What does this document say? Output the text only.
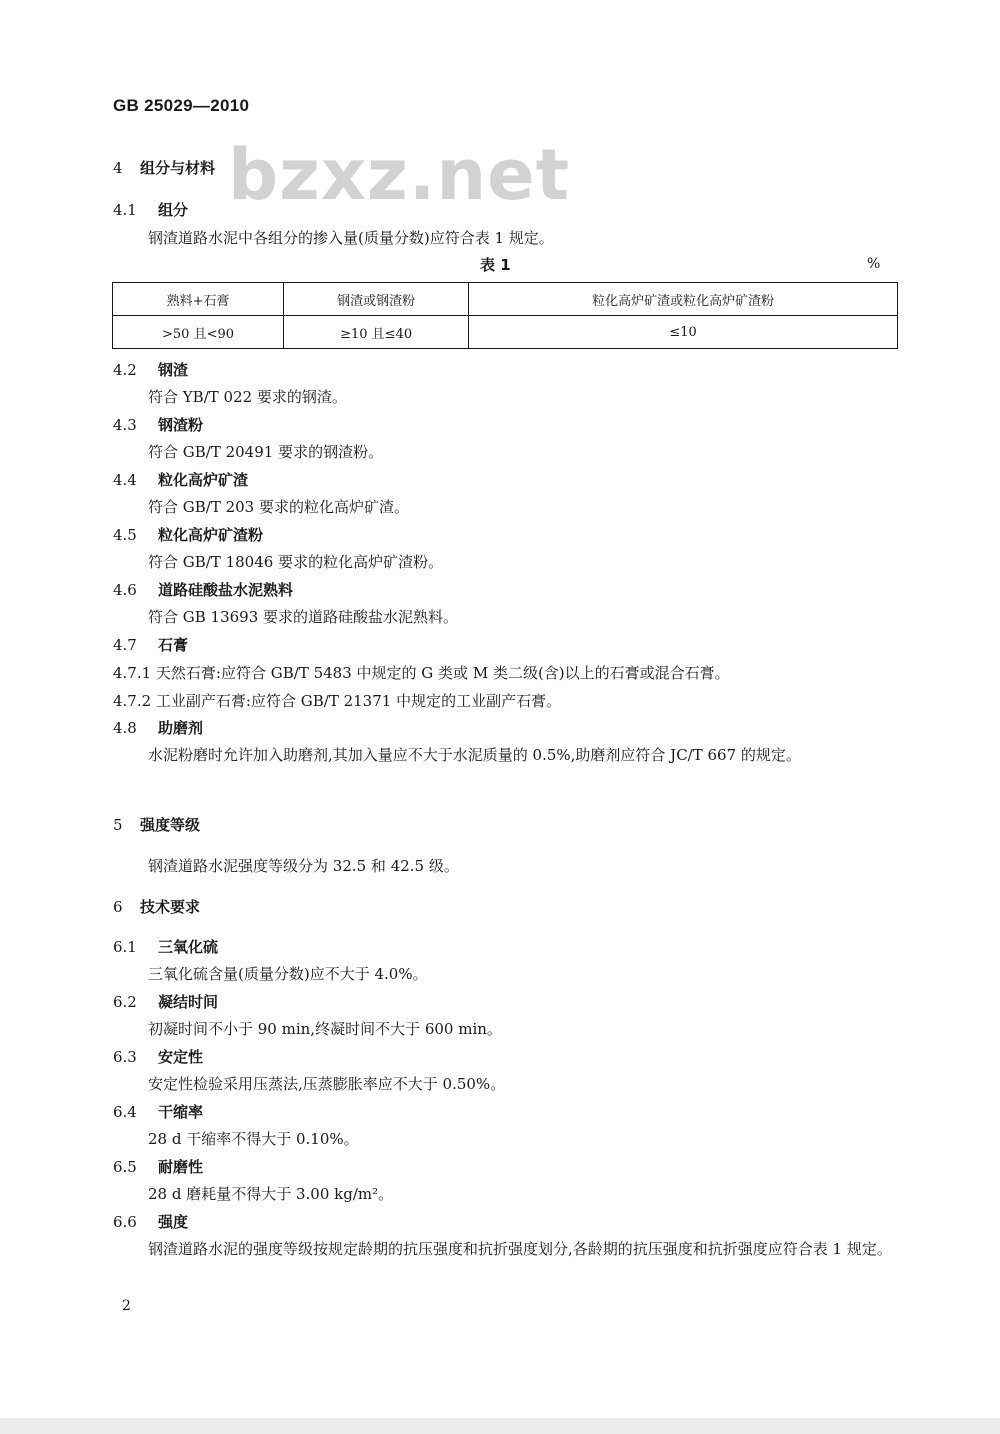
GB 25029—2010
bzxz.net
4 组分与材料
4.1 组分
钢渣道路水泥中各组分的掺入量(质量分数)应符合表 1 规定。
表 1	%
熟料+石膏	钢渣或钢渣粉	粒化高炉矿渣或粒化高炉矿渣粉
>50 且<90	≥10 且≤40	≤10
4.2 钢渣
符合 YB/T 022 要求的钢渣。
4.3 钢渣粉
符合 GB/T 20491 要求的钢渣粉。
4.4 粒化高炉矿渣
符合 GB/T 203 要求的粒化高炉矿渣。
4.5 粒化高炉矿渣粉
符合 GB/T 18046 要求的粒化高炉矿渣粉。
4.6 道路硅酸盐水泥熟料
符合 GB 13693 要求的道路硅酸盐水泥熟料。
4.7 石膏
4.7.1 天然石膏:应符合 GB/T 5483 中规定的 G 类或 M 类二级(含)以上的石膏或混合石膏。
4.7.2 工业副产石膏:应符合 GB/T 21371 中规定的工业副产石膏。
4.8 助磨剂
水泥粉磨时允许加入助磨剂,其加入量应不大于水泥质量的 0.5%,助磨剂应符合 JC/T 667 的规定。
5 强度等级
钢渣道路水泥强度等级分为 32.5 和 42.5 级。
6 技术要求
6.1 三氧化硫
三氧化硫含量(质量分数)应不大于 4.0%。
6.2 凝结时间
初凝时间不小于 90 min,终凝时间不大于 600 min。
6.3 安定性
安定性检验采用压蒸法,压蒸膨胀率应不大于 0.50%。
6.4 干缩率
28 d 干缩率不得大于 0.10%。
6.5 耐磨性
28 d 磨耗量不得大于 3.00 kg/m²。
6.6 强度
钢渣道路水泥的强度等级按规定龄期的抗压强度和抗折强度划分,各龄期的抗压强度和抗折强度应符合表 1 规定。
2
